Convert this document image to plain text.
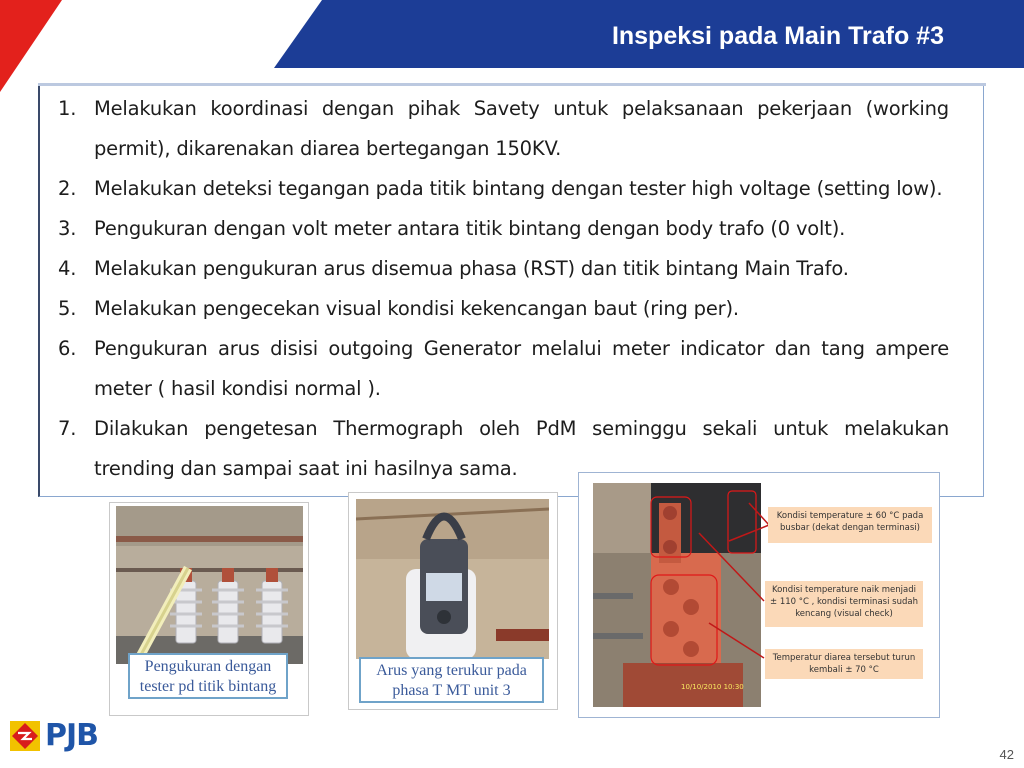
Inspeksi pada Main Trafo #3
1. Melakukan koordinasi dengan pihak Savety untuk pelaksanaan pekerjaan (working permit), dikarenakan diarea bertegangan 150KV.
2. Melakukan deteksi tegangan pada titik bintang dengan tester high voltage (setting low).
3. Pengukuran dengan volt meter antara titik bintang dengan body trafo (0 volt).
4. Melakukan pengukuran arus disemua phasa (RST) dan titik bintang Main Trafo.
5. Melakukan pengecekan visual kondisi kekencangan baut (ring per).
6. Pengukuran arus disisi outgoing Generator melalui meter indicator dan tang ampere meter ( hasil kondisi normal ).
7. Dilakukan pengetesan Thermograph oleh PdM seminggu sekali untuk melakukan trending dan sampai saat ini hasilnya sama.
Pengukuran dengan tester pd titik bintang
Arus yang terukur pada phasa T MT unit 3	10/10/2010 10:30
Kondisi temperature ± 60 °C pada busbar (dekat dengan terminasi)
Kondisi temperature naik menjadi ± 110 °C , kondisi terminasi sudah kencang (visual check)
Temperatur diarea tersebut turun kembali ± 70 °C
PJB
42
